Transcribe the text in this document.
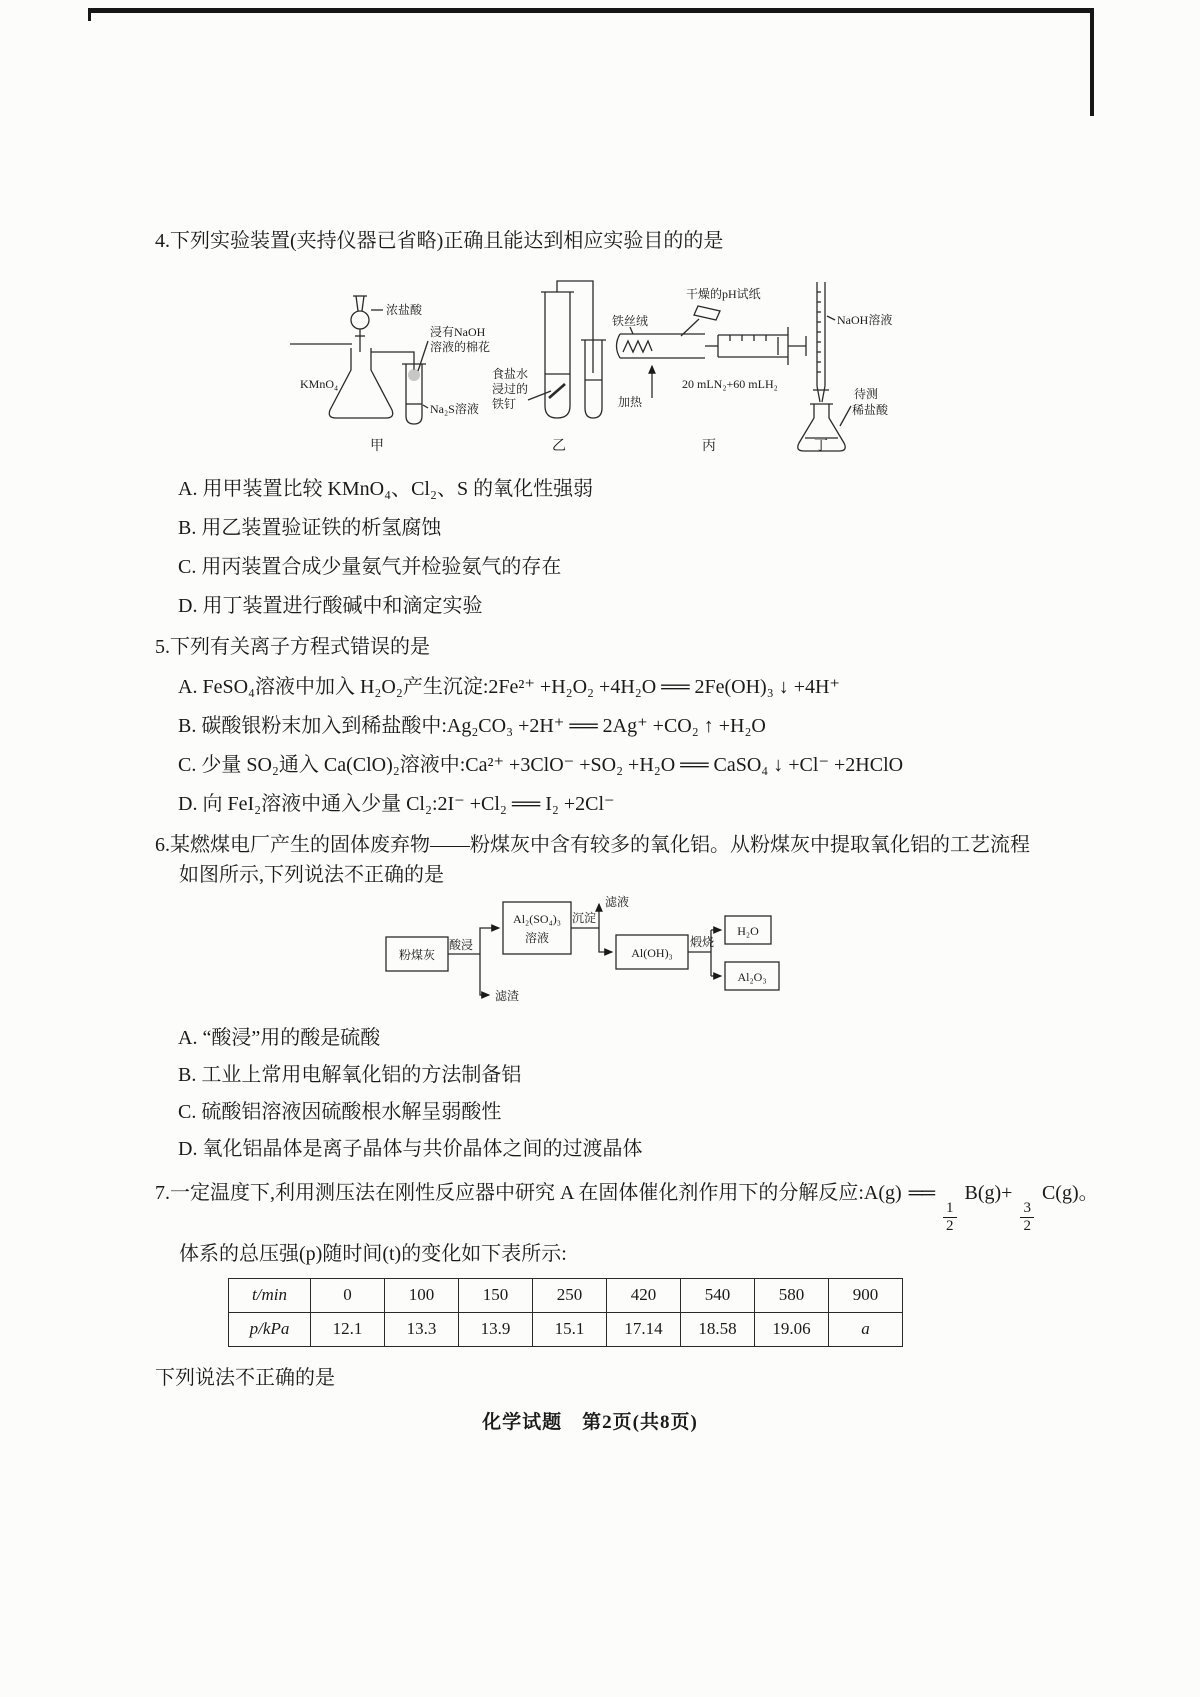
4.下列实验装置(夹持仪器已省略)正确且能达到相应实验目的的是

浓盐酸
KMnO₄
浸有NaOH
溶液的棉花
Na₂S溶液
甲
食盐水
浸过的
铁钉
乙
干燥的pH试纸
铁丝绒
加热
20 mLN₂+60 mLH₂
丙
NaOH溶液
待测
稀盐酸
丁
A. 用甲装置比较 KMnO₄、Cl₂、S 的氧化性强弱
B. 用乙装置验证铁的析氢腐蚀
C. 用丙装置合成少量氨气并检验氨气的存在
D. 用丁装置进行酸碱中和滴定实验

5.下列有关离子方程式错误的是

A. FeSO₄溶液中加入 H₂O₂产生沉淀:2Fe²⁺ +H₂O₂ +4H₂O ══ 2Fe(OH)₃ ↓ +4H⁺
B. 碳酸银粉末加入到稀盐酸中:Ag₂CO₃ +2H⁺ ══ 2Ag⁺ +CO₂ ↑ +H₂O
C. 少量 SO₂通入 Ca(ClO)₂溶液中:Ca²⁺ +3ClO⁻ +SO₂ +H₂O ══ CaSO₄ ↓ +Cl⁻ +2HClO
D. 向 FeI₂溶液中通入少量 Cl₂:2I⁻ +Cl₂ ══ I₂ +2Cl⁻

6.某燃煤电厂产生的固体废弃物——粉煤灰中含有较多的氧化铝。从粉煤灰中提取氧化铝的工艺流程

如图所示,下列说法不正确的是

粉煤灰
酸浸
滤渣
Al₂(SO₄)₃
溶液
沉淀
滤液
Al(OH)₃
煅烧
H₂O
Al₂O₃
A. “酸浸”用的酸是硫酸
B. 工业上常用电解氧化铝的方法制备铝
C. 硫酸铝溶液因硫酸根水解呈弱酸性
D. 氧化铝晶体是离子晶体与共价晶体之间的过渡晶体

7.一定温度下,利用测压法在刚性反应器中研究 A 在固体催化剂作用下的分解反应:A(g) ══
$\frac{1}{2}$
B(g)+
$\frac{3}{2}$
C(g)。

体系的总压强(p)随时间(t)的变化如下表所示:

t/min	0	100	150	250	420	540	580	900
p/kPa	12.1	13.3	13.9	15.1	17.14	18.58	19.06	a

下列说法不正确的是

化学试题　第2页(共8页)
